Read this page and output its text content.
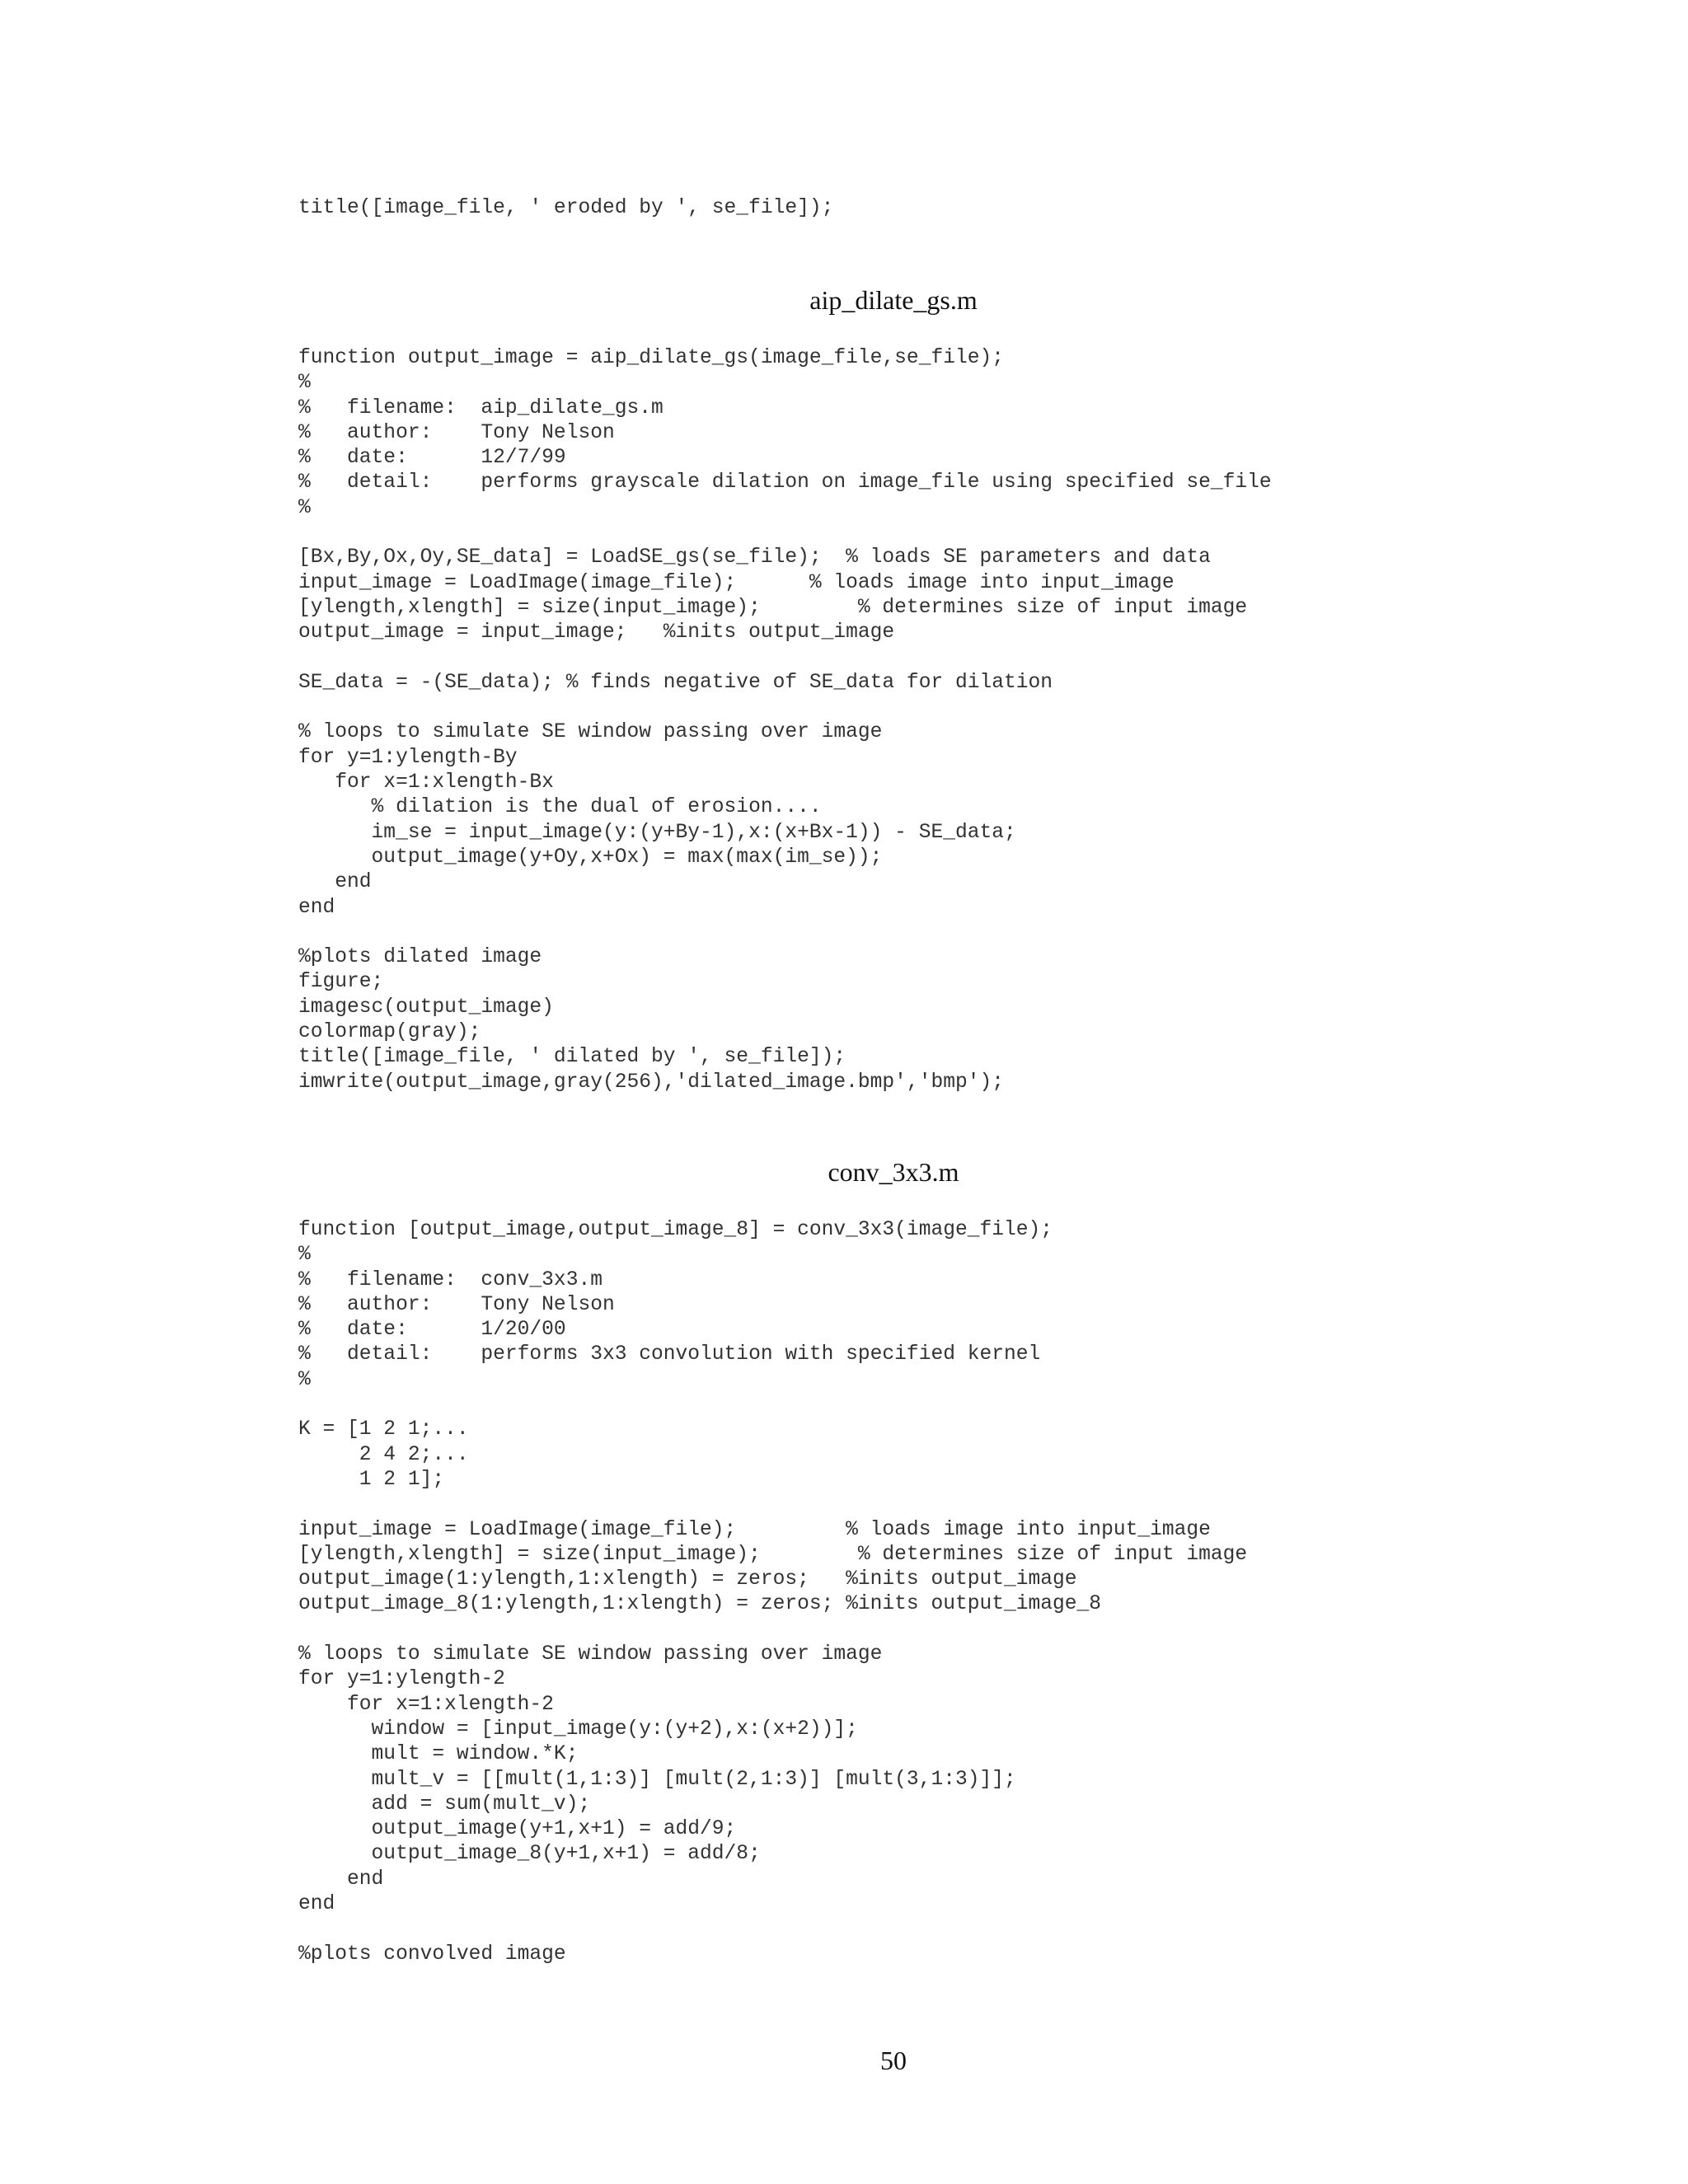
title([image_file, ' eroded by ', se_file]);
aip_dilate_gs.m
function output_image = aip_dilate_gs(image_file,se_file);
%
%   filename:  aip_dilate_gs.m
%   author:    Tony Nelson
%   date:      12/7/99
%   detail:    performs grayscale dilation on image_file using specified se_file
%

[Bx,By,Ox,Oy,SE_data] = LoadSE_gs(se_file);  % loads SE parameters and data
input_image = LoadImage(image_file);      % loads image into input_image
[ylength,xlength] = size(input_image);        % determines size of input image
output_image = input_image;   %inits output_image

SE_data = -(SE_data); % finds negative of SE_data for dilation

% loops to simulate SE window passing over image
for y=1:ylength-By
for x=1:xlength-Bx
% dilation is the dual of erosion....
im_se = input_image(y:(y+By-1),x:(x+Bx-1)) - SE_data;
output_image(y+Oy,x+Ox) = max(max(im_se));
end
end

%plots dilated image
figure;
imagesc(output_image)
colormap(gray);
title([image_file, ' dilated by ', se_file]);
imwrite(output_image,gray(256),'dilated_image.bmp','bmp');
conv_3x3.m
function [output_image,output_image_8] = conv_3x3(image_file);
%
%   filename:  conv_3x3.m
%   author:    Tony Nelson
%   date:      1/20/00
%   detail:    performs 3x3 convolution with specified kernel
%

K = [1 2 1;...
2 4 2;...
1 2 1];

input_image = LoadImage(image_file);         % loads image into input_image
[ylength,xlength] = size(input_image);        % determines size of input image
output_image(1:ylength,1:xlength) = zeros;   %inits output_image
output_image_8(1:ylength,1:xlength) = zeros; %inits output_image_8

% loops to simulate SE window passing over image
for y=1:ylength-2
for x=1:xlength-2
window = [input_image(y:(y+2),x:(x+2))];
mult = window.*K;
mult_v = [[mult(1,1:3)] [mult(2,1:3)] [mult(3,1:3)]];
add = sum(mult_v);
output_image(y+1,x+1) = add/9;
output_image_8(y+1,x+1) = add/8;
end
end

%plots convolved image
50
